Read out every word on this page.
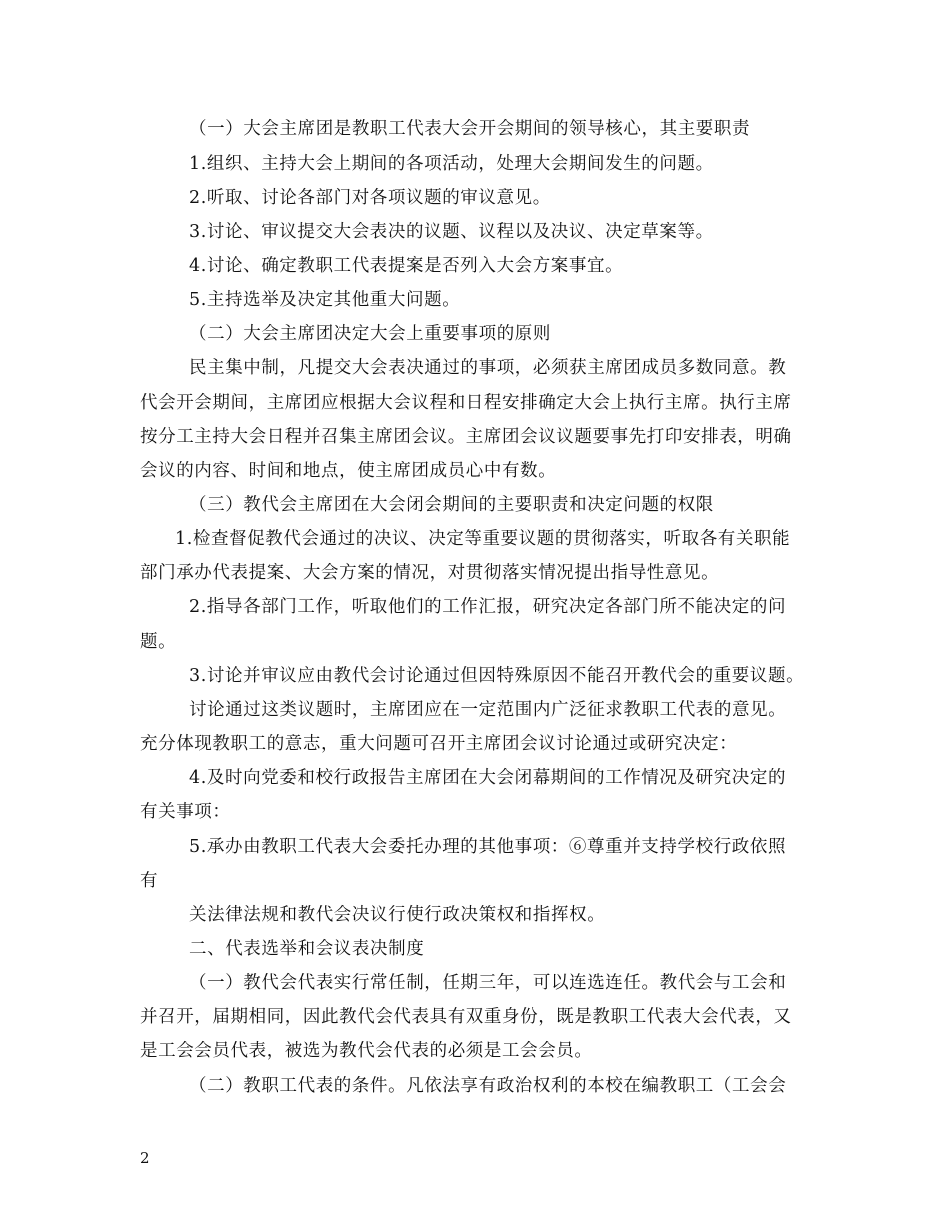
（一）大会主席团是教职工代表大会开会期间的领导核心，其主要职责
1.组织、主持大会上期间的各项活动，处理大会期间发生的问题。
2.听取、讨论各部门对各项议题的审议意见。
3.讨论、审议提交大会表决的议题、议程以及决议、决定草案等。
4.讨论、确定教职工代表提案是否列入大会方案事宜。
5.主持选举及决定其他重大问题。
（二）大会主席团决定大会上重要事项的原则
民主集中制，凡提交大会表决通过的事项，必须获主席团成员多数同意。教
代会开会期间，主席团应根据大会议程和日程安排确定大会上执行主席。执行主席
按分工主持大会日程并召集主席团会议。主席团会议议题要事先打印安排表，明确
会议的内容、时间和地点，使主席团成员心中有数。
（三）教代会主席团在大会闭会期间的主要职责和决定问题的权限
1.检查督促教代会通过的决议、决定等重要议题的贯彻落实，听取各有关职能
部门承办代表提案、大会方案的情况，对贯彻落实情况提出指导性意见。
2.指导各部门工作，听取他们的工作汇报，研究决定各部门所不能决定的问
题。
3.讨论并审议应由教代会讨论通过但因特殊原因不能召开教代会的重要议题。
讨论通过这类议题时，主席团应在一定范围内广泛征求教职工代表的意见。
充分体现教职工的意志，重大问题可召开主席团会议讨论通过或研究决定：
4.及时向党委和校行政报告主席团在大会闭幕期间的工作情况及研究决定的
有关事项：
5.承办由教职工代表大会委托办理的其他事项：⑥尊重并支持学校行政依照
有
关法律法规和教代会决议行使行政决策权和指挥权。
二、代表选举和会议表决制度
（一）教代会代表实行常任制，任期三年，可以连选连任。教代会与工会和
并召开，届期相同，因此教代会代表具有双重身份，既是教职工代表大会代表，又
是工会会员代表，被选为教代会代表的必须是工会会员。
（二）教职工代表的条件。凡依法享有政治权利的本校在编教职工（工会会
2
